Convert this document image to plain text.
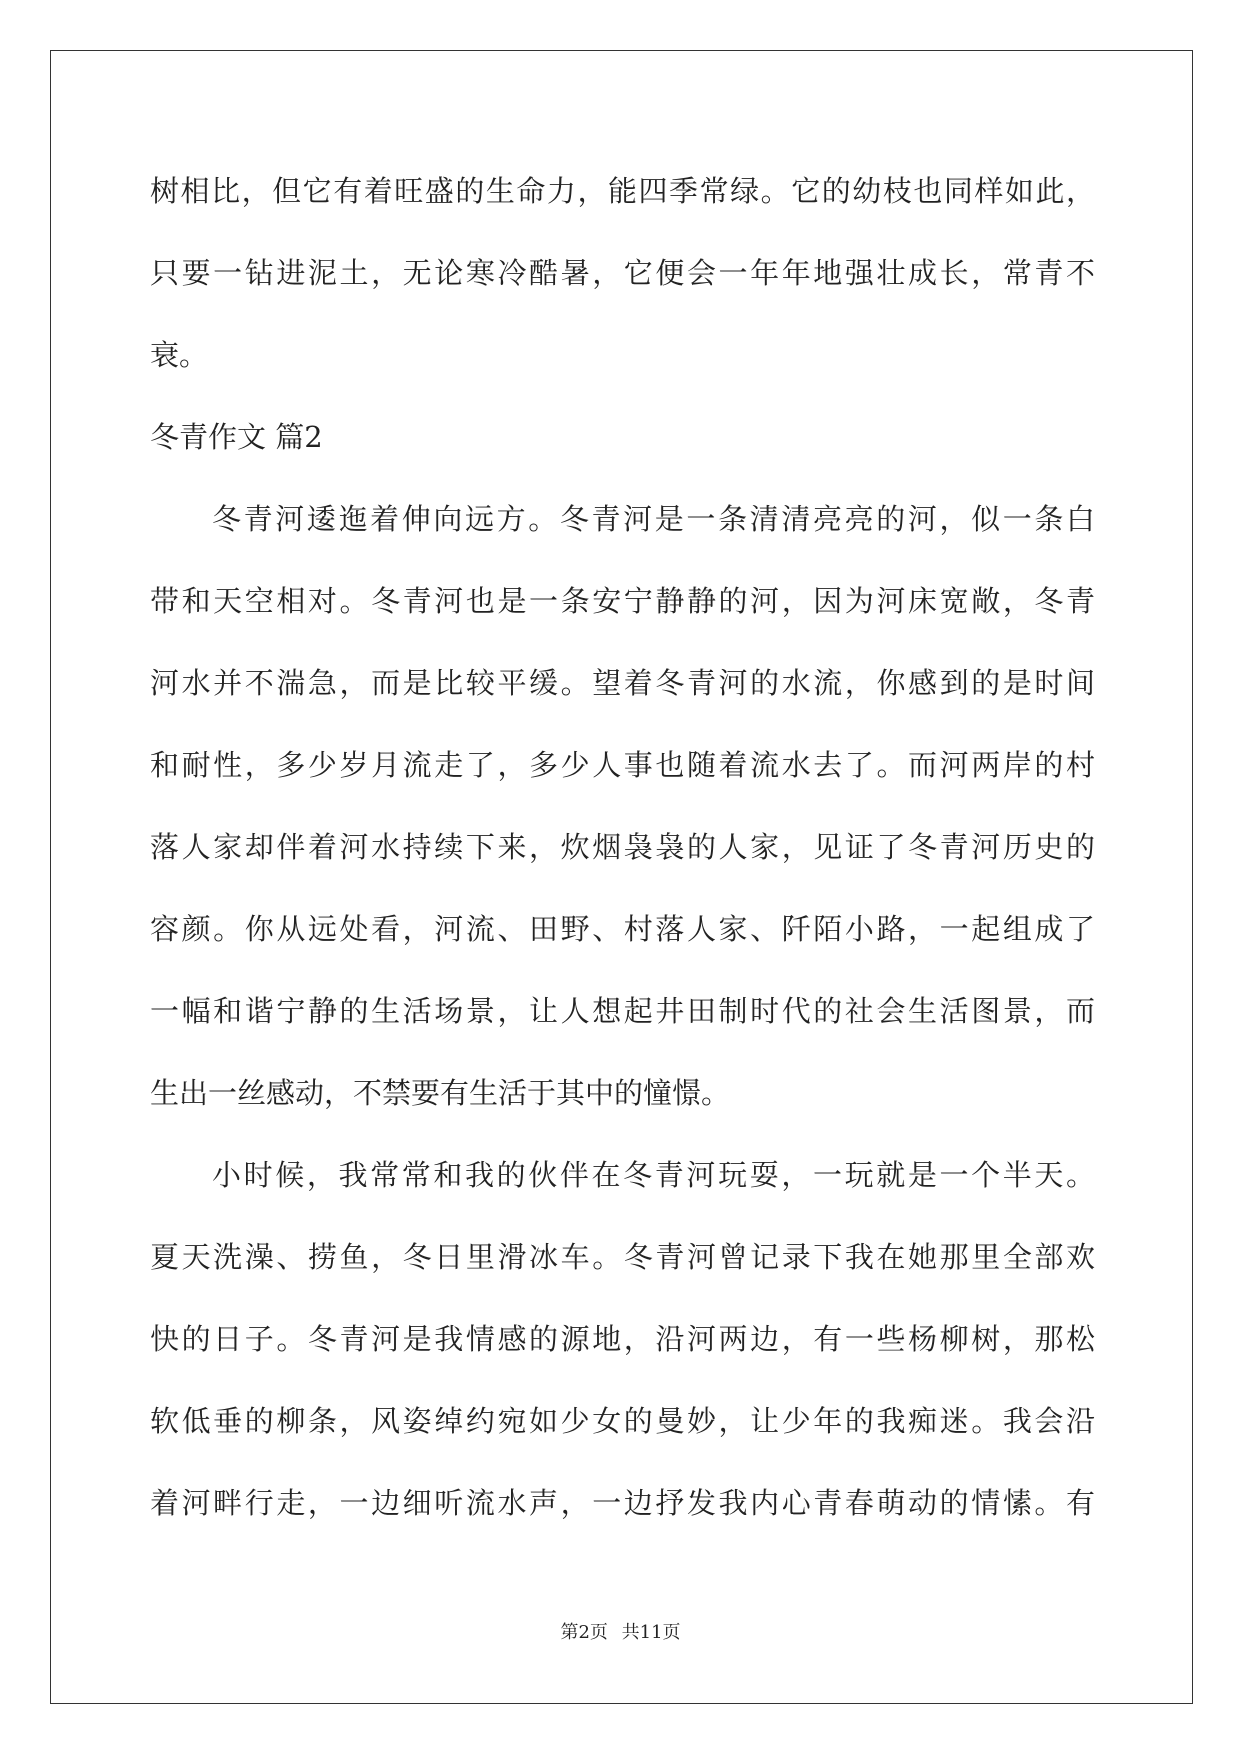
树相比，但它有着旺盛的生命力，能四季常绿。它的幼枝也同样如此，
只要一钻进泥土，无论寒冷酷暑，它便会一年年地强壮成长，常青不
衰。
冬青作文 篇2
冬青河逶迤着伸向远方。冬青河是一条清清亮亮的河，似一条白
带和天空相对。冬青河也是一条安宁静静的河，因为河床宽敞，冬青
河水并不湍急，而是比较平缓。望着冬青河的水流，你感到的是时间
和耐性，多少岁月流走了，多少人事也随着流水去了。而河两岸的村
落人家却伴着河水持续下来，炊烟袅袅的人家，见证了冬青河历史的
容颜。你从远处看，河流、田野、村落人家、阡陌小路，一起组成了
一幅和谐宁静的生活场景，让人想起井田制时代的社会生活图景，而
生出一丝感动，不禁要有生活于其中的憧憬。
小时候，我常常和我的伙伴在冬青河玩耍，一玩就是一个半天。
夏天洗澡、捞鱼，冬日里滑冰车。冬青河曾记录下我在她那里全部欢
快的日子。冬青河是我情感的源地，沿河两边，有一些杨柳树，那松
软低垂的柳条，风姿绰约宛如少女的曼妙，让少年的我痴迷。我会沿
着河畔行走，一边细听流水声，一边抒发我内心青春萌动的情愫。有
第2页 共11页
